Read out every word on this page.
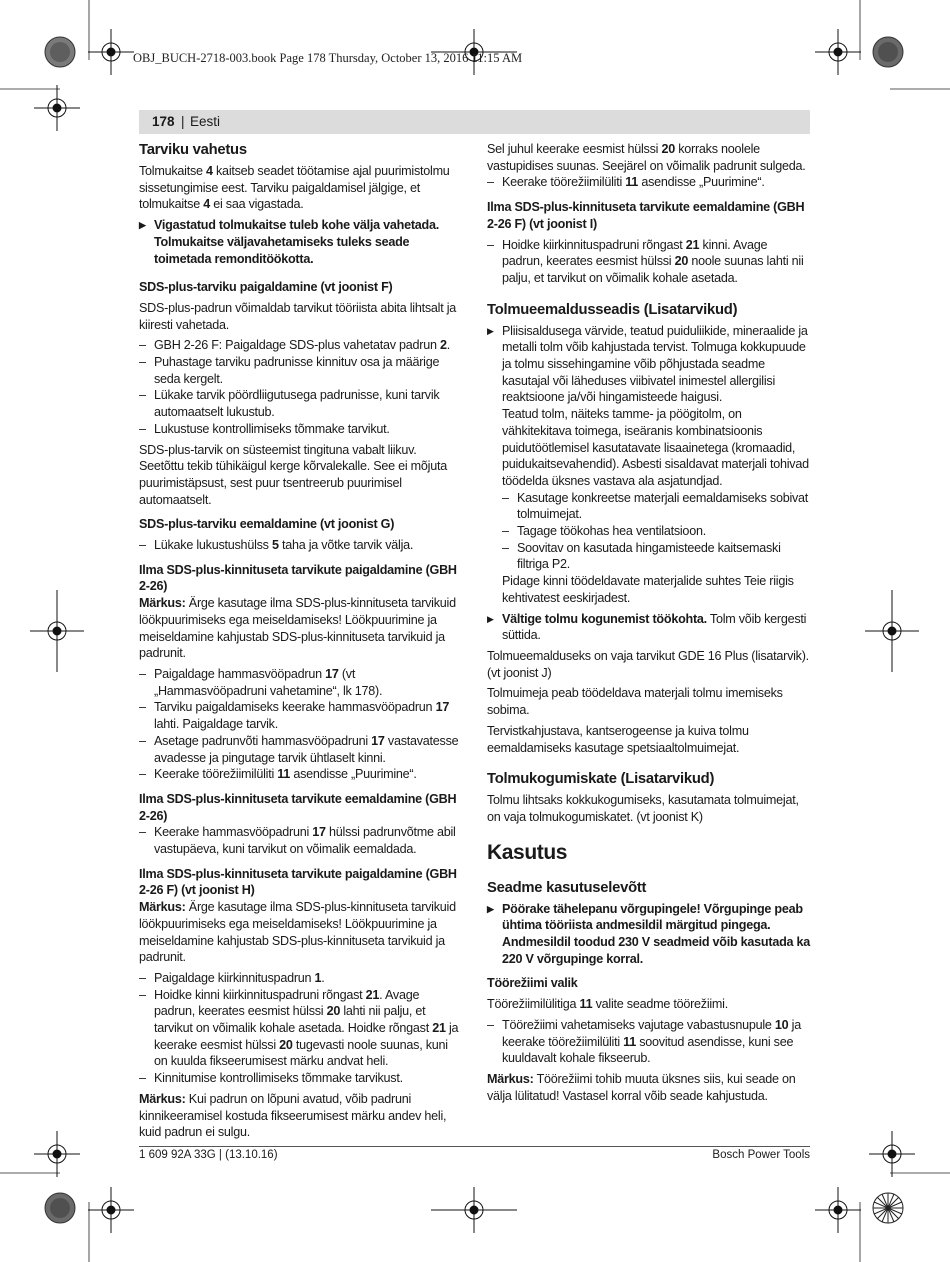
OBJ_BUCH-2718-003.book Page 178 Thursday, October 13, 2016 11:15 AM
178 | Eesti

Tarviku vahetus

Tolmukaitse 4 kaitseb seadet töötamise ajal puurimistolmu sissetungimise eest. Tarviku paigaldamisel jälgige, et tolmukaitse 4 ei saa vigastada.

▶ Vigastatud tolmukaitse tuleb kohe välja vahetada. Tolmukaitse väljavahetamiseks tuleks seade toimetada remonditöökotta.

SDS-plus-tarviku paigaldamine (vt joonist F)

SDS-plus-padrun võimaldab tarvikut tööriista abita lihtsalt ja kiiresti vahetada.

– GBH 2-26 F: Paigaldage SDS-plus vahetatav padrun 2.
– Puhastage tarviku padrunisse kinnituv osa ja määrige seda kergelt.
– Lükake tarvik pöördliigutusega padrunisse, kuni tarvik automaatselt lukustub.
– Lukustuse kontrollimiseks tõmmake tarvikut.

SDS-plus-tarvik on süsteemist tingituna vabalt liikuv. Seetõttu tekib tühikäigul kerge kõrvalekalle. See ei mõjuta puurimistäpsust, sest puur tsentreerub puurimisel automaatselt.

SDS-plus-tarviku eemaldamine (vt joonist G)

– Lükake lukustushülss 5 taha ja võtke tarvik välja.

Ilma SDS-plus-kinnituseta tarvikute paigaldamine (GBH 2-26)

Märkus: Ärge kasutage ilma SDS-plus-kinnituseta tarvikuid löökpuurimiseks ega meiseldamiseks! Löökpuurimine ja meiseldamine kahjustab SDS-plus-kinnituseta tarvikuid ja padrunit.

– Paigaldage hammasvööpadrun 17 (vt „Hammasvööpadruni vahetamine“, lk 178).
– Tarviku paigaldamiseks keerake hammasvööpadrun 17 lahti. Paigaldage tarvik.
– Asetage padrunvõti hammasvööpadruni 17 vastavatesse avadesse ja pingutage tarvik ühtlaselt kinni.
– Keerake töörežiimilüliti 11 asendisse „Puurimine“.

Ilma SDS-plus-kinnituseta tarvikute eemaldamine (GBH 2-26)

– Keerake hammasvööpadruni 17 hülssi padrunvõtme abil vastupäeva, kuni tarvikut on võimalik eemaldada.

Ilma SDS-plus-kinnituseta tarvikute paigaldamine (GBH 2-26 F) (vt joonist H)

Märkus: Ärge kasutage ilma SDS-plus-kinnituseta tarvikuid löökpuurimiseks ega meiseldamiseks! Löökpuurimine ja meiseldamine kahjustab SDS-plus-kinnituseta tarvikuid ja padrunit.

– Paigaldage kiirkinnituspadrun 1.
– Hoidke kinni kiirkinnituspadruni rõngast 21. Avage padrun, keerates eesmist hülssi 20 lahti nii palju, et tarvikut on võimalik kohale asetada. Hoidke rõngast 21 ja keerake eesmist hülssi 20 tugevasti noole suunas, kuni on kuulda fikseerumisest märku andvat heli.
– Kinnitumise kontrollimiseks tõmmake tarvikust.

Märkus: Kui padrun on lõpuni avatud, võib padruni kinnikeeramisel kostuda fikseerumisest märku andev heli, kuid padrun ei sulgu.

Sel juhul keerake eesmist hülssi 20 korraks noolele vastupidises suunas. Seejärel on võimalik padrunit sulgeda.

– Keerake töörežiimilüliti 11 asendisse „Puurimine“.

Ilma SDS-plus-kinnituseta tarvikute eemaldamine (GBH 2-26 F) (vt joonist I)

– Hoidke kiirkinnituspadruni rõngast 21 kinni. Avage padrun, keerates eesmist hülssi 20 noole suunas lahti nii palju, et tarvikut on võimalik kohale asetada.

Tolmueemaldusseadis (Lisatarvikud)

▶ Pliisisaldusega värvide, teatud puiduliikide, mineraalide ja metalli tolm võib kahjustada tervist. Tolmuga kokkupuude ja tolmu sissehingamine võib põhjustada seadme kasutajal või läheduses viibivatel inimestel allergilisi reaktsioone ja/või hingamisteede haigusi.

Teatud tolm, näiteks tamme- ja pöögitolm, on vähkitekitava toimega, iseäranis kombinatsioonis puidutöötlemisel kasutatavate lisaainetega (kromaadid, puidukaitsevahendid). Asbesti sisaldavat materjali tohivad töödelda üksnes vastava ala asjatundjad.

– Kasutage konkreetse materjali eemaldamiseks sobivat tolmuimejat.
– Tagage töökohas hea ventilatsioon.
– Soovitav on kasutada hingamisteede kaitsemaski filtriga P2.

Pidage kinni töödeldavate materjalide suhtes Teie riigis kehtivatest eeskirjadest.

▶ Vältige tolmu kogunemist töökohta. Tolm võib kergesti süttida.

Tolmueemalduseks on vaja tarvikut GDE 16 Plus (lisatarvik). (vt joonist J)

Tolmuimeja peab töödeldava materjali tolmu imemiseks sobima.

Tervistkahjustava, kantserogeense ja kuiva tolmu eemaldamiseks kasutage spetsiaaltolmuimejat.

Tolmukogumiskate (Lisatarvikud)

Tolmu lihtsaks kokkukogumiseks, kasutamata tolmuimejat, on vaja tolmukogumiskatet. (vt joonist K)

Kasutus

Seadme kasutuselevõtt

▶ Pöörake tähelepanu võrgupingele! Võrgupinge peab ühtima tööriista andmesildil märgitud pingega. Andmesildil toodud 230 V seadmeid võib kasutada ka 220 V võrgupinge korral.

Töörežiimi valik

Töörežiimilülitiga 11 valite seadme töörežiimi.

– Töörežiimi vahetamiseks vajutage vabastusnupule 10 ja keerake töörežiimilüliti 11 soovitud asendisse, kuni see kuuldavalt kohale fikseerub.

Märkus: Töörežiimi tohib muuta üksnes siis, kui seade on välja lülitatud! Vastasel korral võib seade kahjustuda.

1 609 92A 33G | (13.10.16)	Bosch Power Tools
